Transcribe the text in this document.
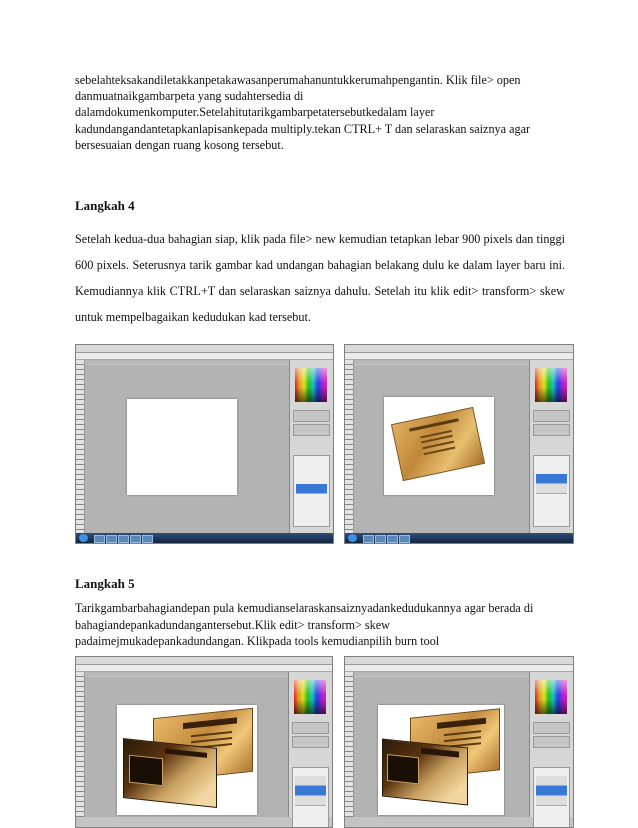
sebelahteksakandiletakkanpetakawasanperumahanuntukkerumahpengantin. Klik file> open
danmuatnaikgambarpeta yang sudahtersedia di
dalamdokumenkomputer.Setelahitutarikgambarpetatersebutkedalam layer
kadundangandantetapkanlapisankepada multiply.tekan CTRL+ T dan selaraskan saiznya agar
bersesuaian dengan ruang kosong tersebut.
Langkah 4
Setelah kedua-dua bahagian siap, klik pada file> new kemudian tetapkan lebar 900 pixels dan tinggi 600 pixels. Seterusnya tarik gambar kad undangan bahagian belakang dulu ke dalam layer baru ini. Kemudiannya klik CTRL+T dan selaraskan saiznya dahulu. Setelah itu klik edit> transform> skew untuk mempelbagaikan kedudukan kad tersebut.
Langkah 5
Tarikgambarbahagiandepan pula kemudianselaraskansaiznyadankedudukannya agar berada di
bahagiandepankadundangantersebut.Klik edit> transform> skew
padaimejmukadepankadundangan. Klikpada tools kemudianpilih burn tool
